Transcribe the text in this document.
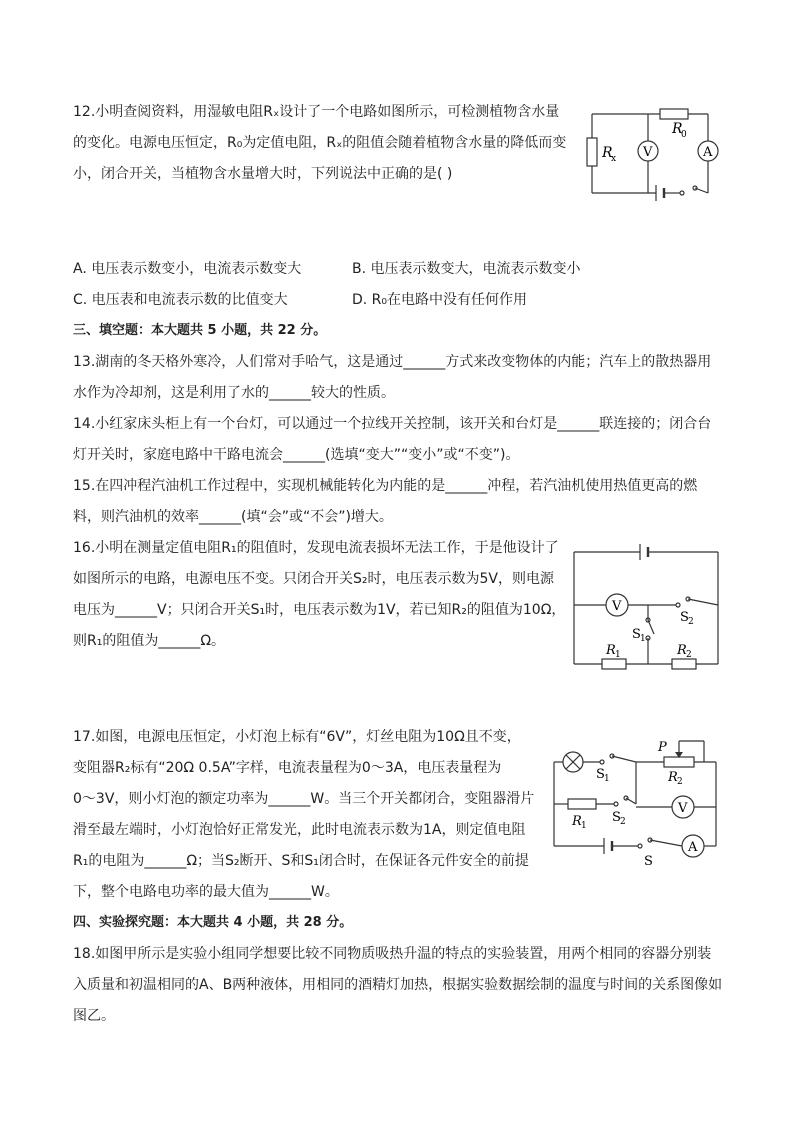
12.小明查阅资料，用湿敏电阻Rₓ设计了一个电路如图所示，可检测植物含水量
的变化。电源电压恒定，R₀为定值电阻，Rₓ的阻值会随着植物含水量的降低而变
小，闭合开关，当植物含水量增大时，下列说法中正确的是( )
R
x
R
0
V	A
A. 电压表示数变小，电流表示数变大	B. 电压表示数变大，电流表示数变小
C. 电压表和电流表示数的比值变大	D. R₀在电路中没有任何作用
三、填空题：本大题共 5 小题，共 22 分。
13.湖南的冬天格外寒冷，人们常对手哈气，这是通过______方式来改变物体的内能；汽车上的散热器用
水作为冷却剂，这是利用了水的______较大的性质。
14.小红家床头柜上有一个台灯，可以通过一个拉线开关控制，该开关和台灯是______联连接的；闭合台
灯开关时，家庭电路中干路电流会______(选填“变大”“变小”或“不变”)。
15.在四冲程汽油机工作过程中，实现机械能转化为内能的是______冲程，若汽油机使用热值更高的燃
料，则汽油机的效率______(填“会”或“不会”)增大。
16.小明在测量定值电阻R₁的阻值时，发现电流表损坏无法工作，于是他设计了
如图所示的电路，电源电压不变。只闭合开关S₂时，电压表示数为5V，则电源
电压为______V；只闭合开关S₁时，电压表示数为1V，若已知R₂的阻值为10Ω，
则R₁的阻值为______Ω。
V
S 2
S 1
R 1	R 2
17.如图，电源电压恒定，小灯泡上标有“6V”，灯丝电阻为10Ω且不变，
变阻器R₂标有“20Ω 0.5A”字样，电流表量程为0～3A，电压表量程为
0～3V，则小灯泡的额定功率为______W。当三个开关都闭合，变阻器滑片
滑至最左端时，小灯泡恰好正常发光，此时电流表示数为1A，则定值电阻
R₁的电阻为______Ω；当S₂断开、S和S₁闭合时，在保证各元件安全的前提
下，整个电路电功率的最大值为______W。
P
S 1	R 2
R 1
S 2
V
S
A
四、实验探究题：本大题共 4 小题，共 28 分。
18.如图甲所示是实验小组同学想要比较不同物质吸热升温的特点的实验装置，用两个相同的容器分别装
入质量和初温相同的A、B两种液体，用相同的酒精灯加热，根据实验数据绘制的温度与时间的关系图像如
图乙。
